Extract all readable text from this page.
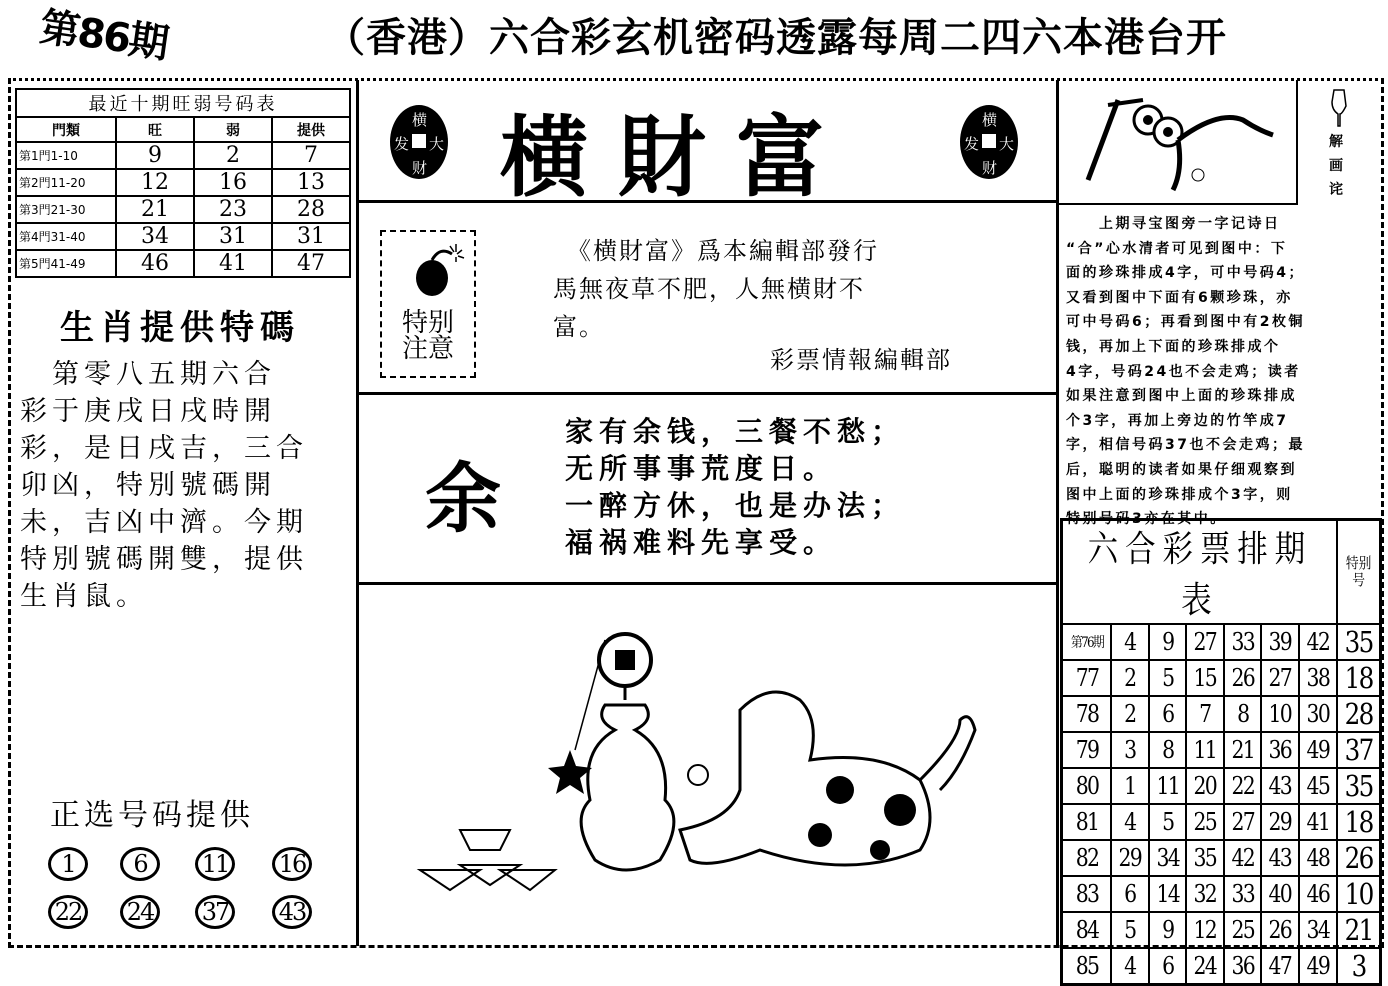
第86期	（香港）六合彩玄机密码透露每周二四六本港台开
最近十期旺弱号码表			
門類	旺	弱	提供
第1門1-10	9	2	7
第2門11-20	12	16	13
第3門21-30	21	23	28
第4門31-40	34	31	31
第5門41-49	46	41	47
生肖提供特碼
　第零八五期六合
彩于庚戌日戌時開
彩，是日戌吉，三合
卯凶，特別號碼開
未，吉凶中濟。今期
特別號碼開雙，提供
生肖鼠。
正选号码提供
1	6	11 16
22 24 37 43
横
发 大
财 横財富	横
发 大
财
特别
注意
　《横財富》爲本編輯部發行
馬無夜草不肥，人無横財不
富。
彩票情報編輯部
余
家有余钱，三餐不愁；
无所事事荒度日。
一醉方休，也是办法；
福祸难料先享受。
解画诧
　　上期寻宝图旁一字记诗日
“合”心水清者可见到图中：下
面的珍珠排成4字，可中号码4；
又看到图中下面有6颗珍珠，亦
可中号码6；再看到图中有2枚铜
钱，再加上下面的珍珠排成个
4字，号码24也不会走鸡；读者
如果注意到图中上面的珍珠排成
个3字，再加上旁边的竹竿成7
字，相信号码37也不会走鸡；最
后，聪明的读者如果仔细观察到
图中上面的珍珠排成个3字，则
特别号码3亦在其中。
六合彩票排期表							特别号
第76期	4	9	27	33	39	42	35
77	2	5	15	26	27	38	18
78	2	6	7	8	10	30	28
79	3	8	11	21	36	49	37
80	1	11	20	22	43	45	35
81	4	5	25	27	29	41	18
82	29	34	35	42	43	48	26
83	6	14	32	33	40	46	10
84	5	9	12	25	26	34	21
85	4	6	24	36	47	49	3
